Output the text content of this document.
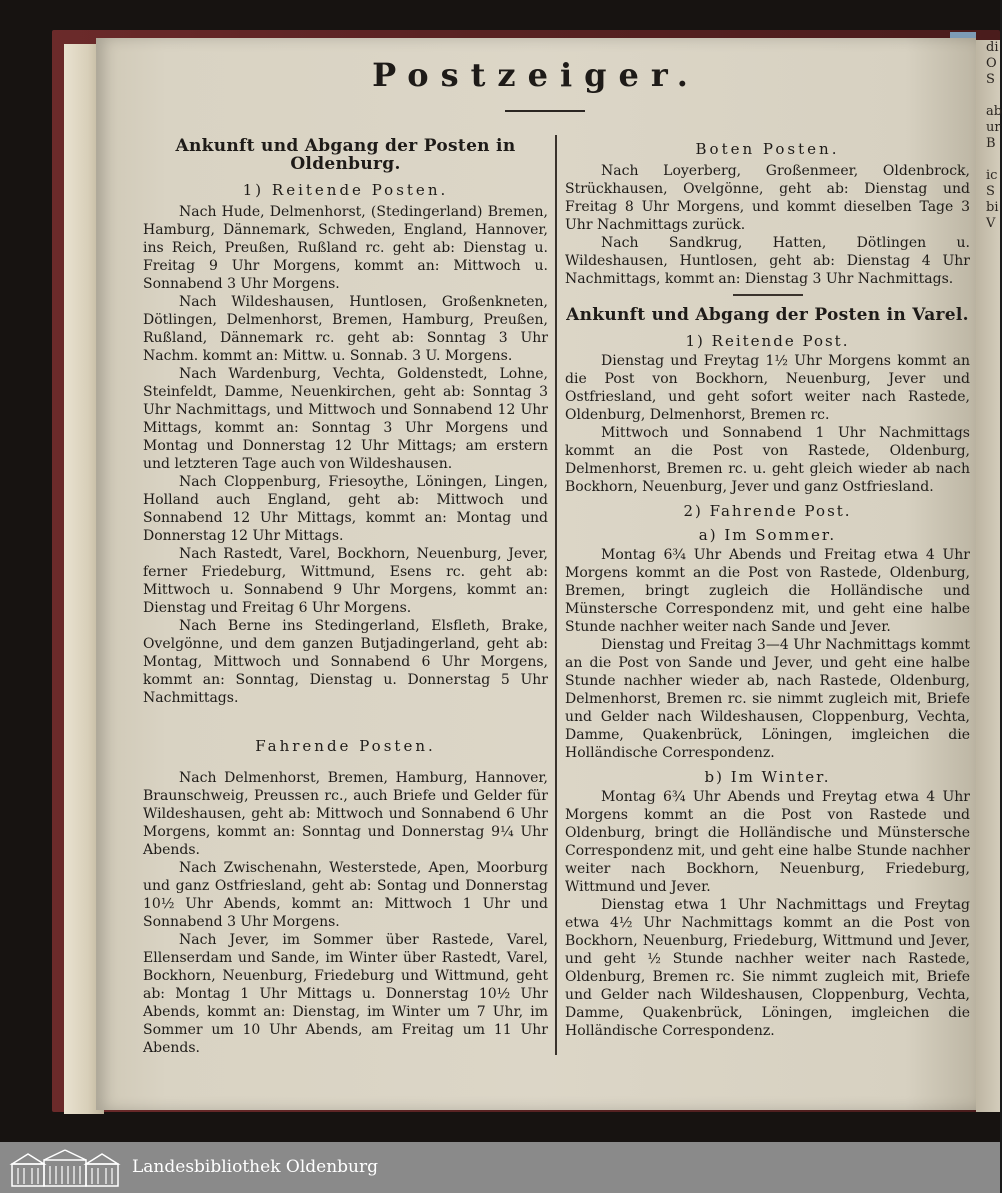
di
O
S

ab
ur
B

ic
S
bi
V
Postzeiger.
Ankunft und Abgang der Posten in Oldenburg.
1) Reitende Posten.

Nach Hude, Delmenhorst, (Stedingerland) Bremen, Hamburg, Dännemark, Schweden, England, Hannover, ins Reich, Preußen, Rußland rc. geht ab: Dienstag u. Freitag 9 Uhr Morgens, kommt an: Mittwoch u. Sonnabend 3 Uhr Morgens.

Nach Wildeshausen, Huntlosen, Großenkneten, Dötlingen, Delmenhorst, Bremen, Hamburg, Preußen, Rußland, Dännemark rc. geht ab: Sonntag 3 Uhr Nachm. kommt an: Mittw. u. Sonnab. 3 U. Morgens.

Nach Wardenburg, Vechta, Goldenstedt, Lohne, Steinfeldt, Damme, Neuenkirchen, geht ab: Sonntag 3 Uhr Nachmittags, und Mittwoch und Sonnabend 12 Uhr Mittags, kommt an: Sonntag 3 Uhr Morgens und Montag und Donnerstag 12 Uhr Mittags; am erstern und letzteren Tage auch von Wildeshausen.

Nach Cloppenburg, Friesoythe, Löningen, Lingen, Holland auch England, geht ab: Mittwoch und Sonnabend 12 Uhr Mittags, kommt an: Montag und Donnerstag 12 Uhr Mittags.

Nach Rastedt, Varel, Bockhorn, Neuenburg, Jever, ferner Friedeburg, Wittmund, Esens rc. geht ab: Mittwoch u. Sonnabend 9 Uhr Morgens, kommt an: Dienstag und Freitag 6 Uhr Morgens.

Nach Berne ins Stedingerland, Elsfleth, Brake, Ovelgönne, und dem ganzen Butjadingerland, geht ab: Montag, Mittwoch und Sonnabend 6 Uhr Morgens, kommt an: Sonntag, Dienstag u. Donnerstag 5 Uhr Nachmittags.

Fahrende Posten.

Nach Delmenhorst, Bremen, Hamburg, Hannover, Braunschweig, Preussen rc., auch Briefe und Gelder für Wildeshausen, geht ab: Mittwoch und Sonnabend 6 Uhr Morgens, kommt an: Sonntag und Donnerstag 9¼ Uhr Abends.

Nach Zwischenahn, Westerstede, Apen, Moorburg und ganz Ostfriesland, geht ab: Sontag und Donnerstag 10½ Uhr Abends, kommt an: Mittwoch 1 Uhr und Sonnabend 3 Uhr Morgens.

Nach Jever, im Sommer über Rastede, Varel, Ellenserdam und Sande, im Winter über Rastedt, Varel, Bockhorn, Neuenburg, Friedeburg und Wittmund, geht ab: Montag 1 Uhr Mittags u. Donnerstag 10½ Uhr Abends, kommt an: Dienstag, im Winter um 7 Uhr, im Sommer um 10 Uhr Abends, am Freitag um 11 Uhr Abends.

Boten Posten.

Nach Loyerberg, Großenmeer, Oldenbrock, Strückhausen, Ovelgönne, geht ab: Dienstag und Freitag 8 Uhr Morgens, und kommt dieselben Tage 3 Uhr Nachmittags zurück.

Nach Sandkrug, Hatten, Dötlingen u. Wildeshausen, Huntlosen, geht ab: Dienstag 4 Uhr Nachmittags, kommt an: Dienstag 3 Uhr Nachmittags.

Ankunft und Abgang der Posten in Varel.
1) Reitende Post.

Dienstag und Freytag 1½ Uhr Morgens kommt an die Post von Bockhorn, Neuenburg, Jever und Ostfriesland, und geht sofort weiter nach Rastede, Oldenburg, Delmenhorst, Bremen rc.

Mittwoch und Sonnabend 1 Uhr Nachmittags kommt an die Post von Rastede, Oldenburg, Delmenhorst, Bremen rc. u. geht gleich wieder ab nach Bockhorn, Neuenburg, Jever und ganz Ostfriesland.

2) Fahrende Post.
a) Im Sommer.

Montag 6¾ Uhr Abends und Freitag etwa 4 Uhr Morgens kommt an die Post von Rastede, Oldenburg, Bremen, bringt zugleich die Holländische und Münstersche Correspondenz mit, und geht eine halbe Stunde nachher weiter nach Sande und Jever.

Dienstag und Freitag 3—4 Uhr Nachmittags kommt an die Post von Sande und Jever, und geht eine halbe Stunde nachher wieder ab, nach Rastede, Oldenburg, Delmenhorst, Bremen rc. sie nimmt zugleich mit, Briefe und Gelder nach Wildeshausen, Cloppenburg, Vechta, Damme, Quakenbrück, Löningen, imgleichen die Holländische Correspondenz.

b) Im Winter.

Montag 6¾ Uhr Abends und Freytag etwa 4 Uhr Morgens kommt an die Post von Rastede und Oldenburg, bringt die Holländische und Münstersche Correspondenz mit, und geht eine halbe Stunde nachher weiter nach Bockhorn, Neuenburg, Friedeburg, Wittmund und Jever.

Dienstag etwa 1 Uhr Nachmittags und Freytag etwa 4½ Uhr Nachmittags kommt an die Post von Bockhorn, Neuenburg, Friedeburg, Wittmund und Jever, und geht ½ Stunde nachher weiter nach Rastede, Oldenburg, Bremen rc. Sie nimmt zugleich mit, Briefe und Gelder nach Wildeshausen, Cloppenburg, Vechta, Damme, Quakenbrück, Löningen, imgleichen die Holländische Correspondenz.

Landesbibliothek Oldenburg
